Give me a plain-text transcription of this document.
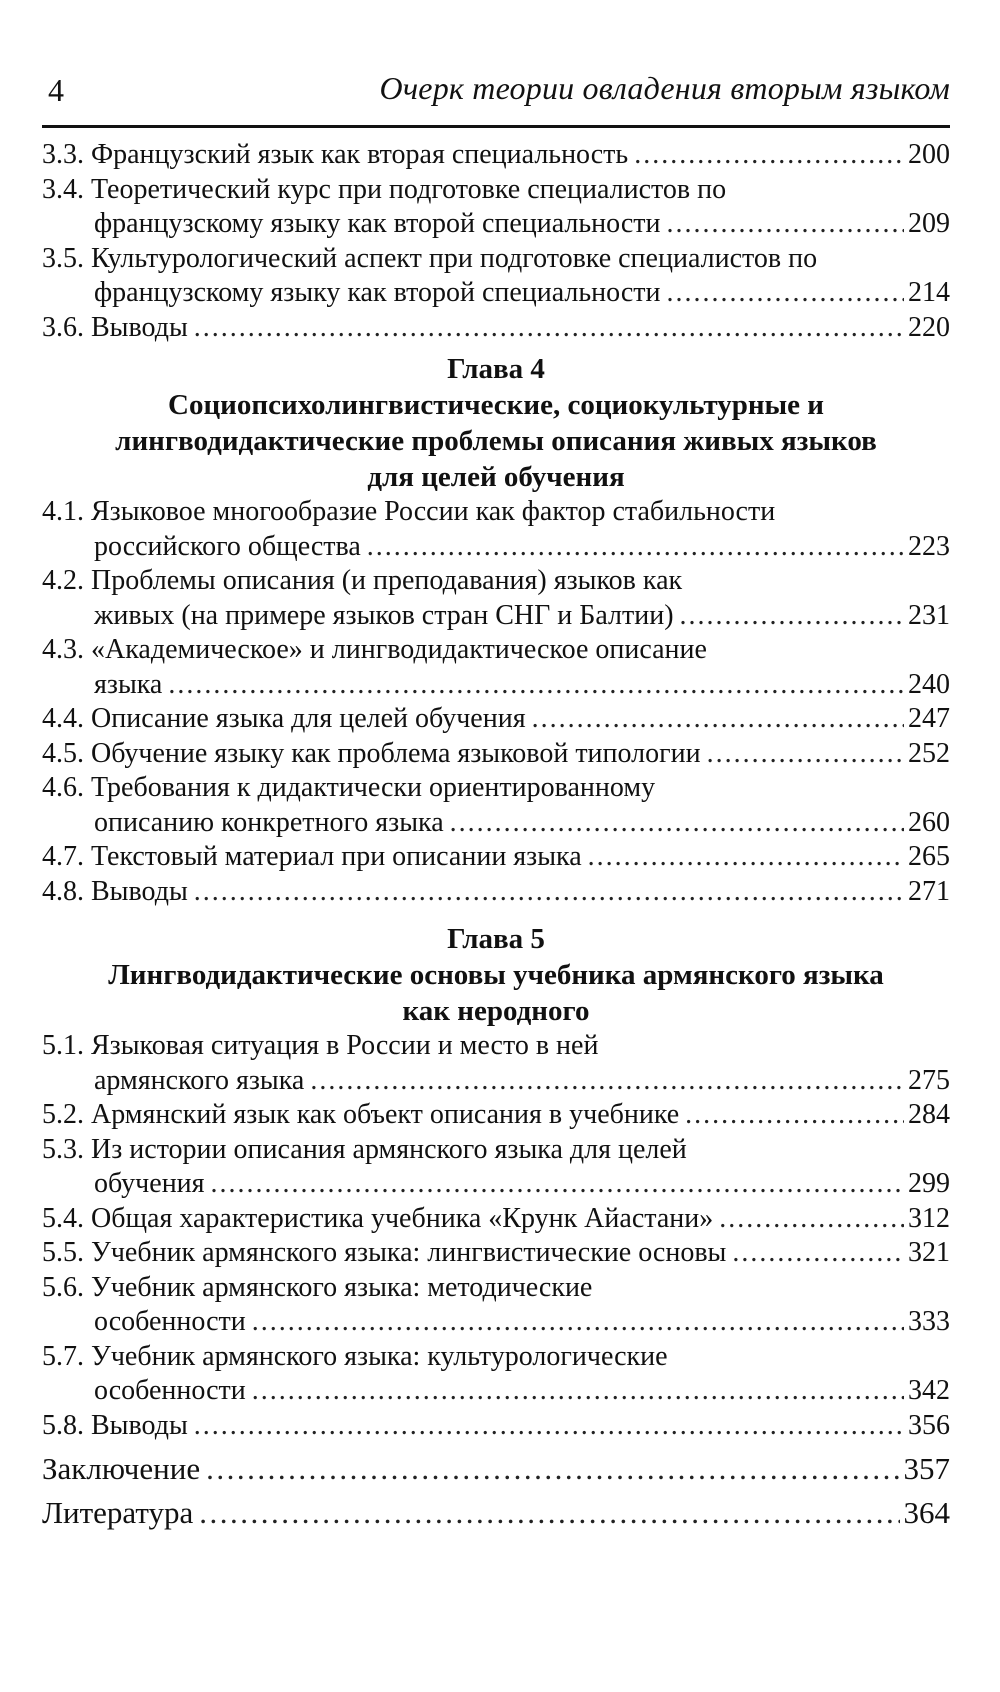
4	Очерк теории овладения вторым языком
3.3. Французский язык как вторая специальность .....	200
3.4. Теоретический курс при подготовке специалистов по
французскому языку как второй специальности .....	209
3.5. Культурологический аспект при подготовке специалистов по
французскому языку как второй специальности .....	214
3.6. Выводы .....	220
Глава 4
Социопсихолингвистические, социокультурные и
лингводидактические проблемы описания живых языков
для целей обучения
4.1. Языковое многообразие России как фактор стабильности
российского общества .....	223
4.2. Проблемы описания (и преподавания) языков как
живых (на примере языков стран СНГ и Балтии) .....	231
4.3. «Академическое» и лингводидактическое описание
языка .....	240
4.4. Описание языка для целей обучения .....	247
4.5. Обучение языку как проблема языковой типологии .....	252
4.6. Требования к дидактически ориентированному
описанию конкретного языка .....	260
4.7. Текстовый материал при описании языка .....	265
4.8. Выводы .....	271
Глава 5
Лингводидактические основы учебника армянского языка
как неродного
5.1. Языковая ситуация в России и место в ней
армянского языка .....	275
5.2. Армянский язык как объект описания в учебнике .....	284
5.3. Из истории описания армянского языка для целей
обучения .....	299
5.4. Общая характеристика учебника «Крунк Айастани» .....	312
5.5. Учебник армянского языка: лингвистические основы .....	321
5.6. Учебник армянского языка: методические
особенности .....	333
5.7. Учебник армянского языка: культурологические
особенности .....	342
5.8. Выводы .....	356
Заключение .....	357
Литература .....	364
